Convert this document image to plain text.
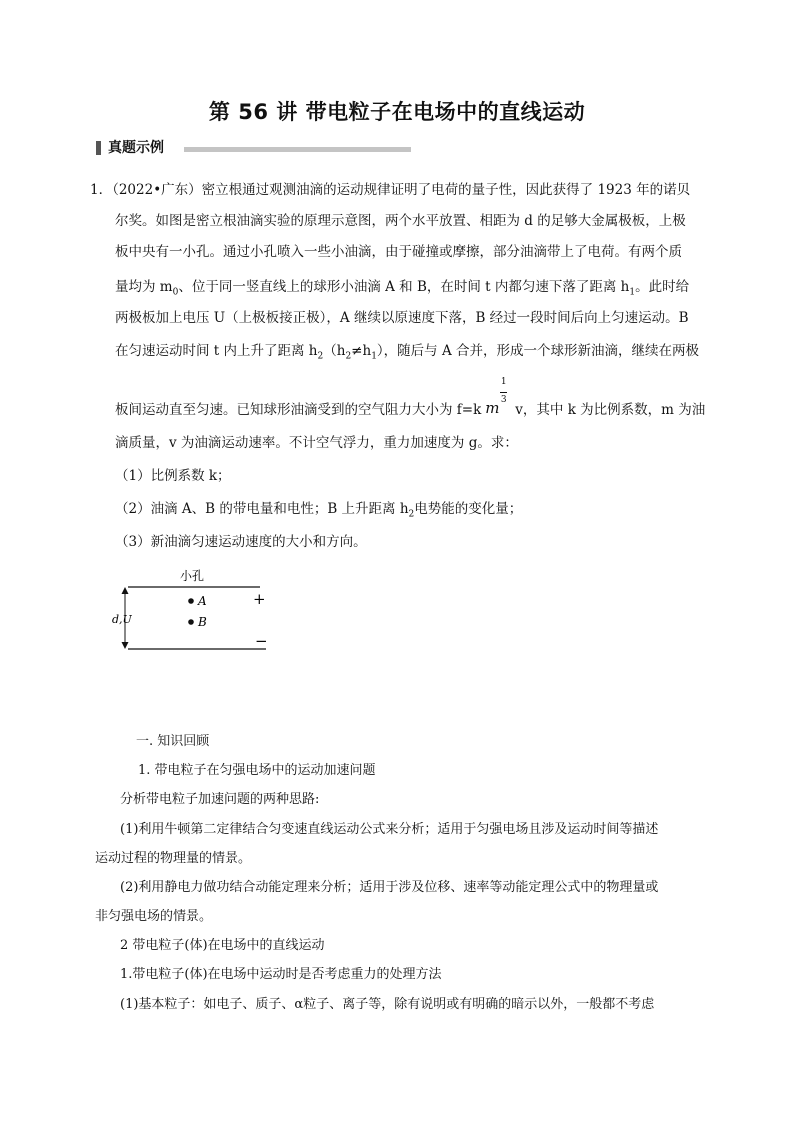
第 56 讲 带电粒子在电场中的直线运动
真题示例
1．（2022•广东）密立根通过观测油滴的运动规律证明了电荷的量子性，因此获得了 1923 年的诺贝
尔奖。如图是密立根油滴实验的原理示意图，两个水平放置、相距为 d 的足够大金属极板，上极
板中央有一小孔。通过小孔喷入一些小油滴，由于碰撞或摩擦，部分油滴带上了电荷。有两个质
量均为 $m_0$、位于同一竖直线上的球形小油滴 A 和 B，在时间 t 内都匀速下落了距离 $h_1$。此时给
两极板加上电压 U（上极板接正极），A 继续以原速度下落，B 经过一段时间后向上匀速运动。B
在匀速运动时间 t 内上升了距离 $h_2(h_2\ne h_1)$，随后与 A 合并，形成一个球形新油滴，继续在两极
板间运动直至匀速。已知球形油滴受到的空气阻力大小为 f=k m
1

3
v，其中 k 为比例系数，m 为油
滴质量，v 为油滴运动速率。不计空气浮力，重力加速度为 g。求：
（1）比例系数 k；
（2）油滴 A、B 的带电量和电性；B 上升距离 $h_2$电势能的变化量；
（3）新油滴匀速运动速度的大小和方向。
小孔
A
B
+
−
d,U
一. 知识回顾
1. 带电粒子在匀强电场中的运动加速问题
分析带电粒子加速问题的两种思路:
(1)利用牛顿第二定律结合匀变速直线运动公式来分析；适用于匀强电场且涉及运动时间等描述
运动过程的物理量的情景。
(2)利用静电力做功结合动能定理来分析；适用于涉及位移、速率等动能定理公式中的物理量或
非匀强电场的情景。
2 带电粒子(体)在电场中的直线运动
1.带电粒子(体)在电场中运动时是否考虑重力的处理方法
(1)基本粒子：如电子、质子、α粒子、离子等，除有说明或有明确的暗示以外，一般都不考虑
